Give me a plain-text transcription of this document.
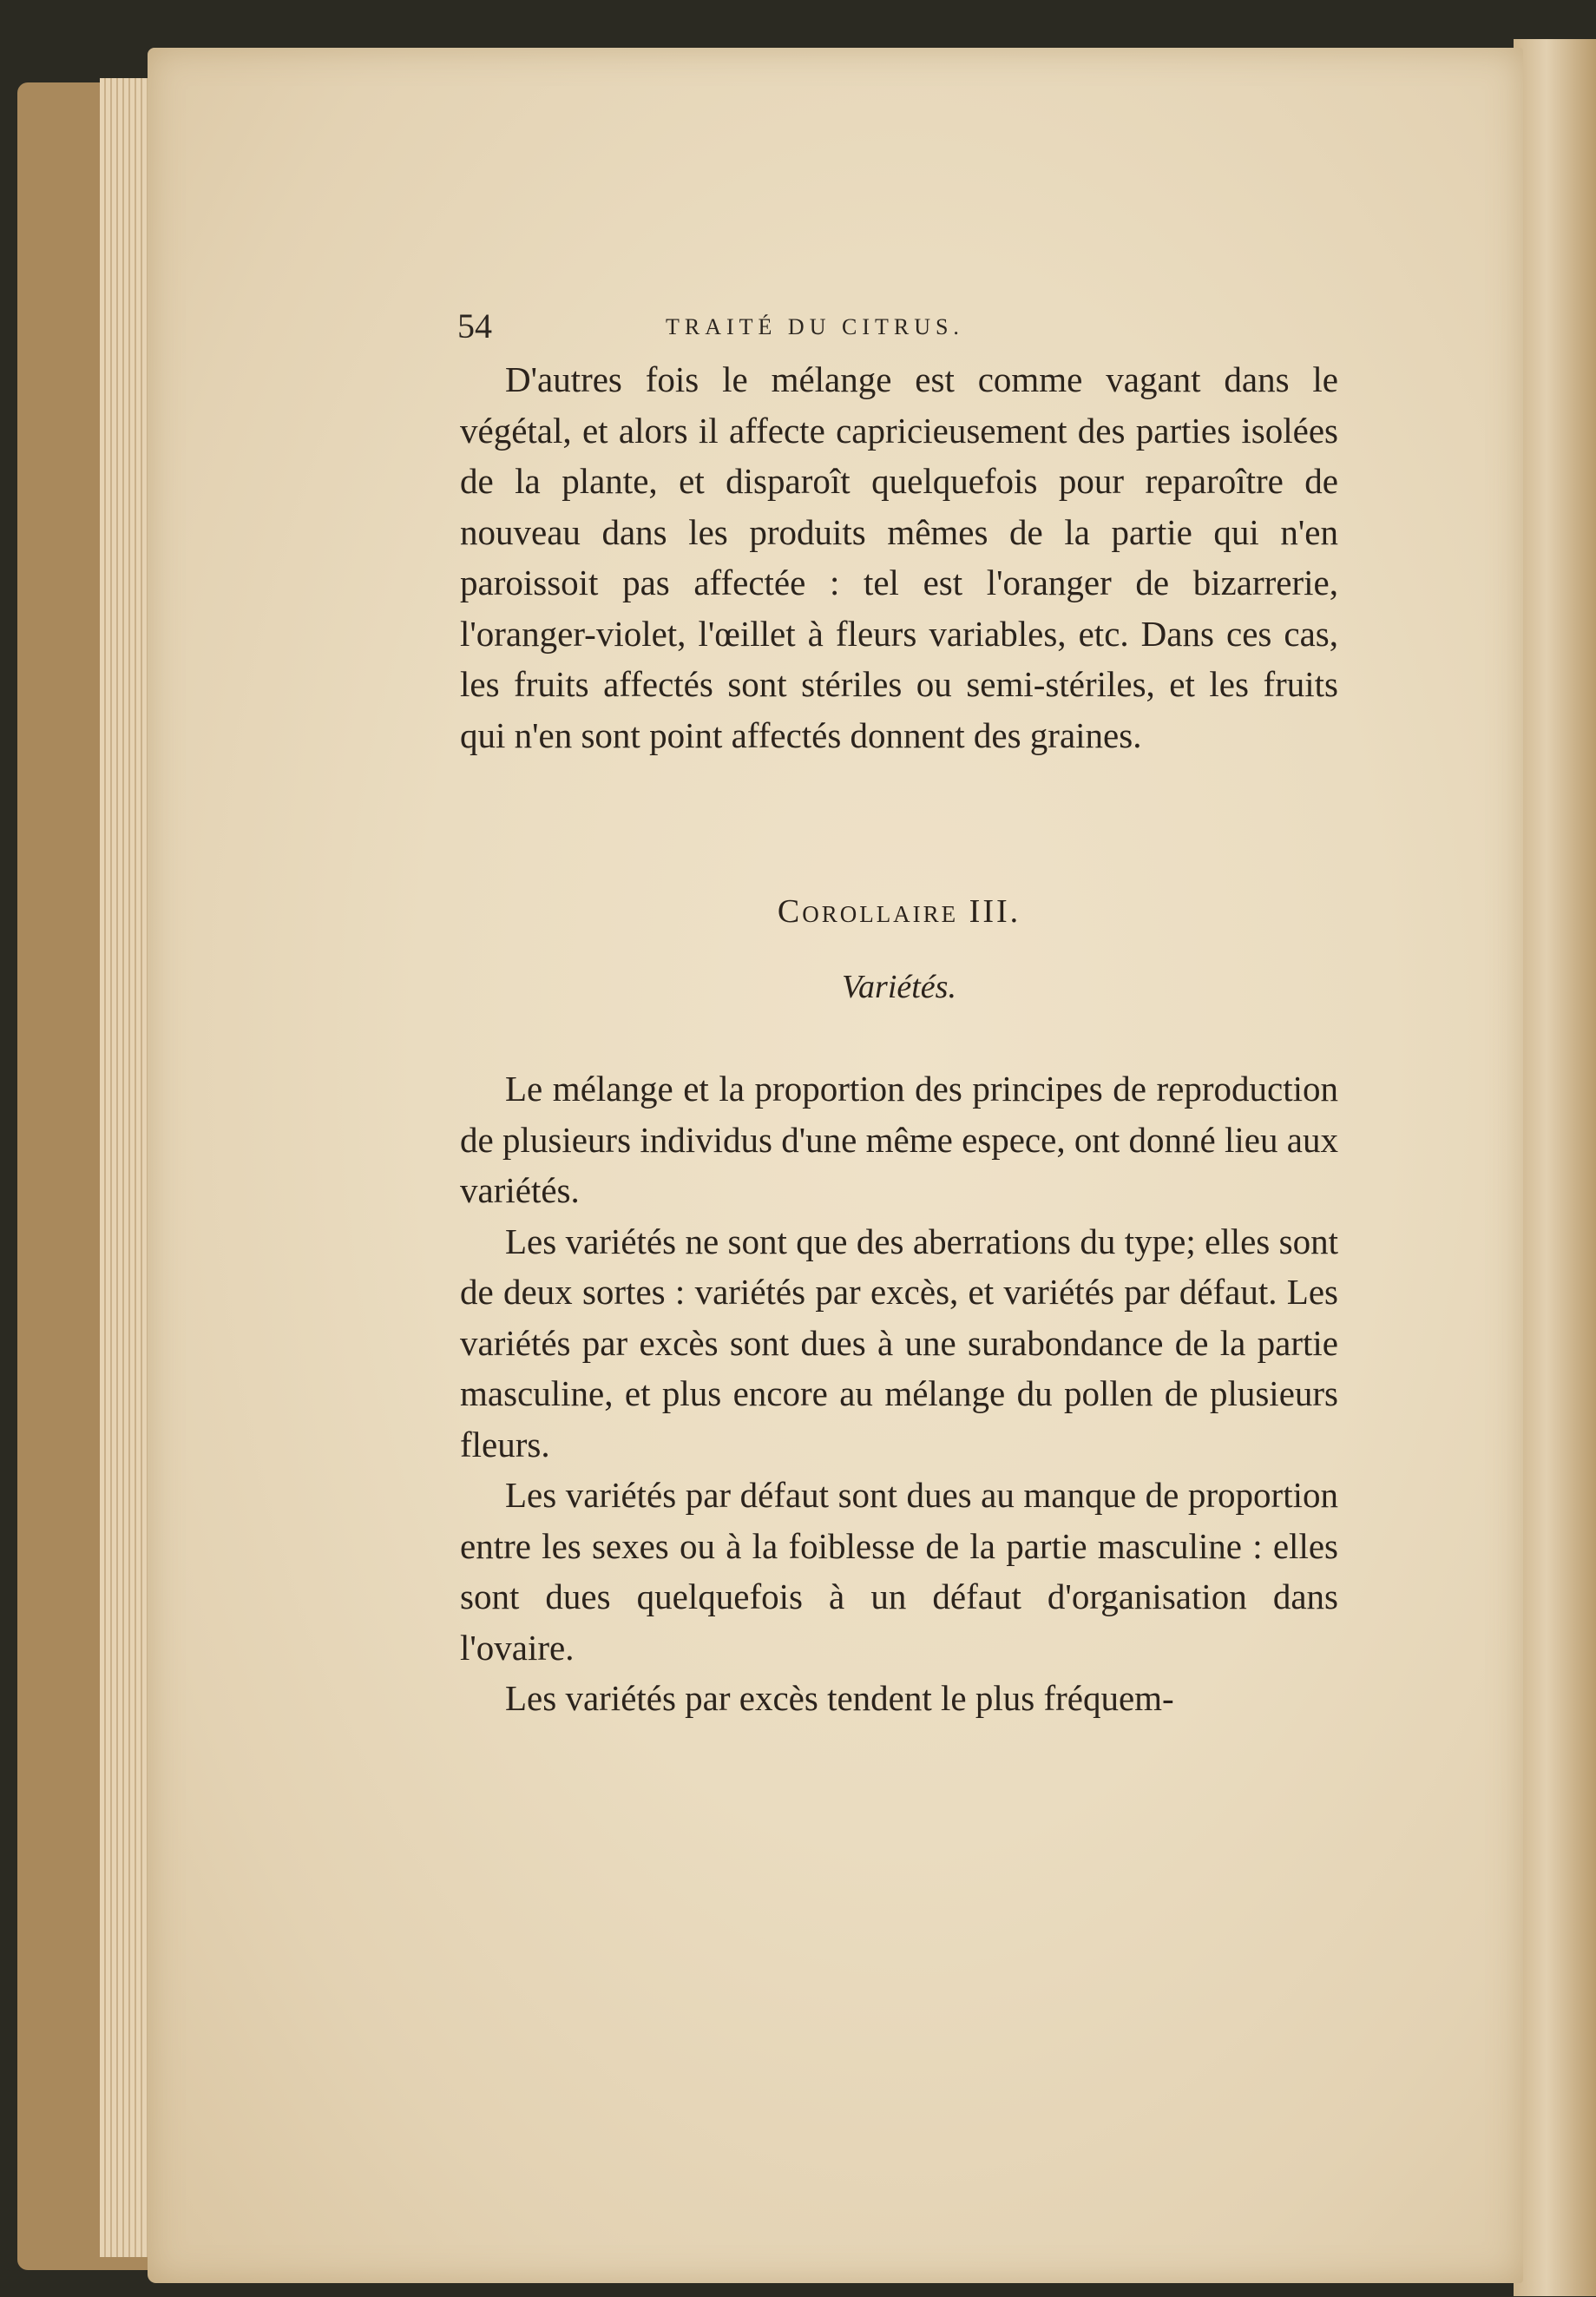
54	TRAITÉ DU CITRUS.

D'autres fois le mélange est comme vagant dans le végétal, et alors il affecte capricieusement des parties isolées de la plante, et disparoît quelquefois pour reparoître de nouveau dans les produits mêmes de la partie qui n'en paroissoit pas affectée : tel est l'oranger de bizarrerie, l'oranger-violet, l'œillet à fleurs variables, etc. Dans ces cas, les fruits affectés sont stériles ou semi-stériles, et les fruits qui n'en sont point affectés donnent des graines.

Corollaire III.
Variétés.

Le mélange et la proportion des principes de reproduction de plusieurs individus d'une même espece, ont donné lieu aux variétés.

Les variétés ne sont que des aberrations du type; elles sont de deux sortes : variétés par excès, et variétés par défaut. Les variétés par excès sont dues à une surabondance de la partie masculine, et plus encore au mélange du pollen de plusieurs fleurs.

Les variétés par défaut sont dues au manque de proportion entre les sexes ou à la foiblesse de la partie masculine : elles sont dues quelquefois à un défaut d'organisation dans l'ovaire.

Les variétés par excès tendent le plus fréquem-
